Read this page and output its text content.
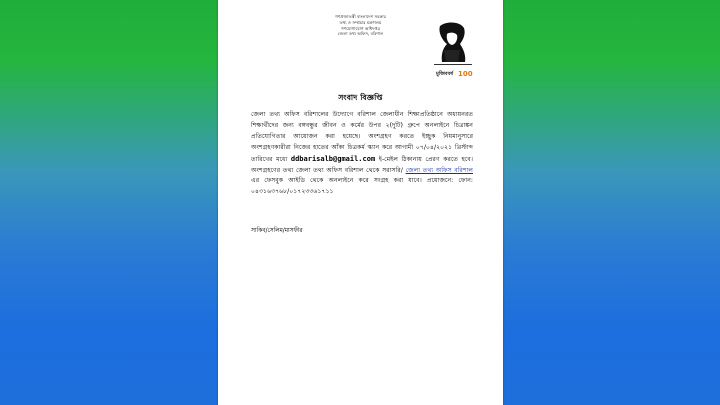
গণপ্রজাতন্ত্রী বাংলাদেশ সরকার
তথ্য ও সম্প্রচার মন্ত্রণালয়
গণযোগাযোগ অধিদপ্তর
জেলা তথ্য অফিস, বরিশাল
মুজিববর্ষ 100
সংবাদ বিজ্ঞপ্তি
জেলা তথ্য অফিস বরিশালের উদ্যোগে বরিশাল জেলাধীন শিক্ষাপ্রতিষ্ঠানে অধ্যয়নরত শিক্ষার্থীদের জন্য বঙ্গবন্ধুর জীবন ও কর্মের উপর ২(দুটি) গ্রুপে অনলাইনে চিত্রাঙ্কন প্রতিযোগিতার আয়োজন করা হয়েছে। অংশগ্রহণ করতে ইচ্ছুক নিয়মানুসারে অংশগ্রহণকারীরা নিজের হাতের আঁকা চিত্রকর্ম স্ক্যান করে আগামী ০৭/০৪/২০২১ খ্রিস্টাব্দ তারিখের মধ্যে ddbarisalb@gmail.com ই-মেইল ঠিকানায় প্রেরণ করতে হবে। অংশগ্রহণের তথ্য জেলা তথ্য অফিস বরিশাল থেকে সরাসরি/ জেলা তথ্য অফিস বরিশাল এর ফেসবুক আইডি থেকে অনলাইনে করে সংগ্রহ করা যাবে। প্রয়োজনে: ফোন: ০৪৩১৬৩৭৬৮/০১৭২৩৩৬১৭১১
সাকিব/সেলিম/মাসফীর
